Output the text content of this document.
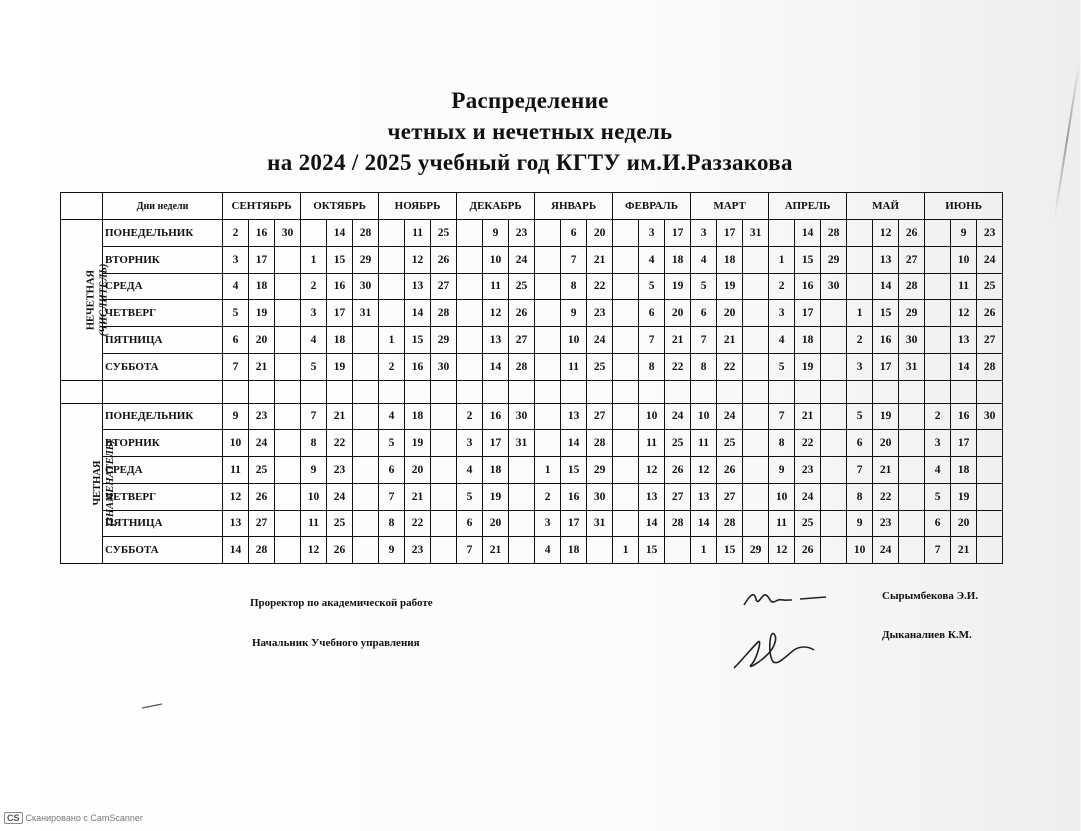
Распределение
четных и нечетных недель
на 2024 / 2025 учебный год КГТУ им.И.Раззакова
	Дни недели	СЕНТЯБРЬ			ОКТЯБРЬ			НОЯБРЬ			ДЕКАБРЬ			ЯНВАРЬ			ФЕВРАЛЬ			МАРТ			АПРЕЛЬ			МАЙ			ИЮНЬ		

НЕЧЕТНАЯ (ЧИСЛИТЕЛЬ)	ПОНЕДЕЛЬНИК	2	16	30		14	28		11	25		9	23		6	20		3	17	3	17	31		14	28		12	26		9	23
	ВТОРНИК	3	17		1	15	29		12	26		10	24		7	21		4	18	4	18		1	15	29		13	27		10	24
	СРЕДА	4	18		2	16	30		13	27		11	25		8	22		5	19	5	19		2	16	30		14	28		11	25
	ЧЕТВЕРГ	5	19		3	17	31		14	28		12	26		9	23		6	20	6	20		3	17		1	15	29		12	26
	ПЯТНИЦА	6	20		4	18		1	15	29		13	27		10	24		7	21	7	21		4	18		2	16	30		13	27
	СУББОТА	7	21		5	19		2	16	30		14	28		11	25		8	22	8	22		5	19		3	17	31		14	28

ЧЕТНАЯ (ЗНАМЕНАТЕЛЬ)	ПОНЕДЕЛЬНИК	9	23		7	21		4	18		2	16	30		13	27		10	24	10	24		7	21		5	19		2	16	30
	ВТОРНИК	10	24		8	22		5	19		3	17	31		14	28		11	25	11	25		8	22		6	20		3	17	
	СРЕДА	11	25		9	23		6	20		4	18		1	15	29		12	26	12	26		9	23		7	21		4	18	
	ЧЕТВЕРГ	12	26		10	24		7	21		5	19		2	16	30		13	27	13	27		10	24		8	22		5	19	
	ПЯТНИЦА	13	27		11	25		8	22		6	20		3	17	31		14	28	14	28		11	25		9	23		6	20	
	СУББОТА	14	28		12	26		9	23		7	21		4	18		1	15		1	15	29	12	26		10	24		7	21	
Проректор по академической работе
Начальник Учебного управления
Сырымбекова Э.И.
Дыканалиев К.М.
CS Сканировано с CamScanner
